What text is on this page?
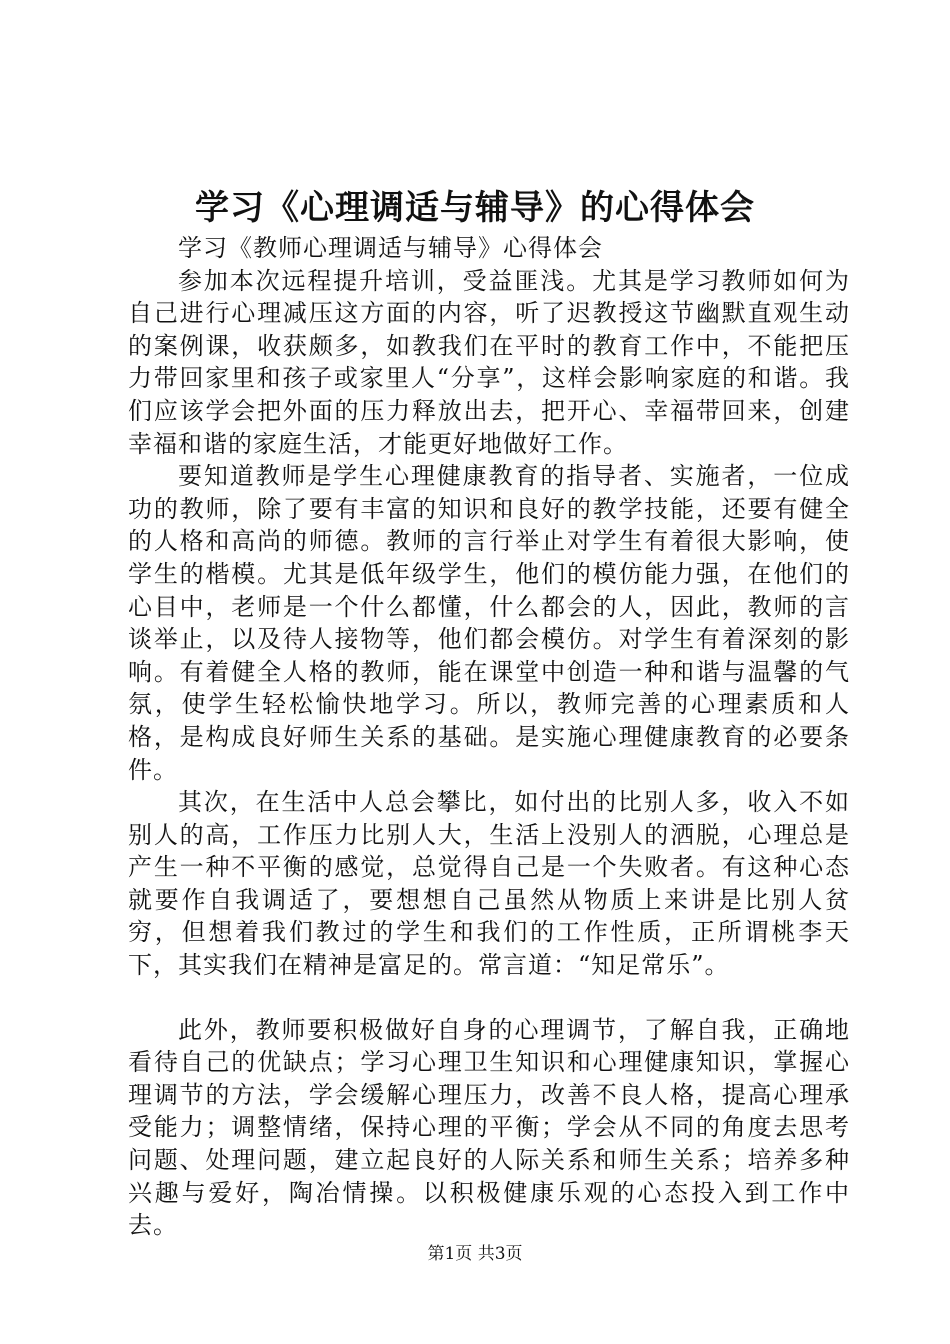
学习《心理调适与辅导》的心得体会

学习《教师心理调适与辅导》心得体会

参加本次远程提升培训，受益匪浅。尤其是学习教师如何为自己进行心理减压这方面的内容，听了迟教授这节幽默直观生动的案例课，收获颇多，如教我们在平时的教育工作中，不能把压力带回家里和孩子或家里人“分享”，这样会影响家庭的和谐。我们应该学会把外面的压力释放出去，把开心、幸福带回来，创建幸福和谐的家庭生活，才能更好地做好工作。

要知道教师是学生心理健康教育的指导者、实施者，一位成功的教师，除了要有丰富的知识和良好的教学技能，还要有健全的人格和高尚的师德。教师的言行举止对学生有着很大影响，使学生的楷模。尤其是低年级学生，他们的模仿能力强，在他们的心目中，老师是一个什么都懂，什么都会的人，因此，教师的言谈举止，以及待人接物等，他们都会模仿。对学生有着深刻的影响。有着健全人格的教师，能在课堂中创造一种和谐与温馨的气氛，使学生轻松愉快地学习。所以，教师完善的心理素质和人格，是构成良好师生关系的基础。是实施心理健康教育的必要条件。

其次，在生活中人总会攀比，如付出的比别人多，收入不如别人的高，工作压力比别人大，生活上没别人的洒脱，心理总是产生一种不平衡的感觉，总觉得自己是一个失败者。有这种心态就要作自我调适了，要想想自己虽然从物质上来讲是比别人贫穷，但想着我们教过的学生和我们的工作性质，正所谓桃李天下，其实我们在精神是富足的。常言道：“知足常乐”。

此外，教师要积极做好自身的心理调节，了解自我，正确地看待自己的优缺点；学习心理卫生知识和心理健康知识，掌握心理调节的方法，学会缓解心理压力，改善不良人格，提高心理承受能力；调整情绪，保持心理的平衡；学会从不同的角度去思考问题、处理问题，建立起良好的人际关系和师生关系；培养多种兴趣与爱好，陶冶情操。以积极健康乐观的心态投入到工作中去。

第1页 共3页
